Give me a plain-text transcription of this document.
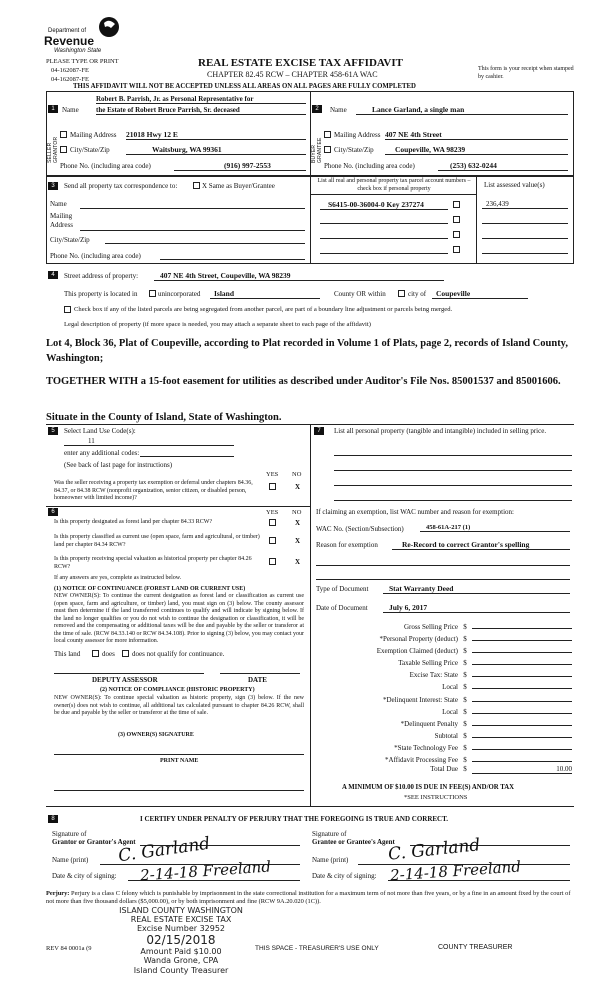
Department of
Revenue
Washington State
PLEASE TYPE OR PRINT
04-162087-FE
04-162087-FE
REAL ESTATE EXCISE TAX AFFIDAVIT
CHAPTER 82.45 RCW – CHAPTER 458-61A WAC
This form is your receipt when stamped by cashier.
THIS AFFIDAVIT WILL NOT BE ACCEPTED UNLESS ALL AREAS ON ALL PAGES ARE FULLY COMPLETED
1
SELLER GRANTOR
Name
Robert B. Parrish, Jr. as Personal Representative for
the Estate of Robert Bruce Parrish, Sr. deceased
Mailing Address 21018 Hwy 12 E
City/State/Zip	Waitsburg, WA 99361
Phone No. (including area code)	(916) 997-2553
2
BUYER GRANTEE
Name	Lance Garland, a single man
Mailing Address 407 NE 4th Street
City/State/Zip	Coupeville, WA 98239
Phone No. (including area code)	(253) 632-0244
3	Send all property tax correspondence to:	X Same as Buyer/Grantee
Name
Mailing Address
City/State/Zip
Phone No. (including area code)
List all real and personal property tax parcel account numbers – check box if personal property	List assessed value(s)
S6415-00-36004-0 Key 237274	236,439
4	Street address of property:	407 NE 4th Street, Coupeville, WA 98239
This property is located in	unincorporated	Island	County OR within	city of	Coupeville
Check box if any of the listed parcels are being segregated from another parcel, are part of a boundary line adjustment or parcels being merged.
Legal description of property (if more space is needed, you may attach a separate sheet to each page of the affidavit)
Lot 4, Block 36, Plat of Coupeville, according to Plat recorded in Volume 1 of Plats, page 2, records of Island County, Washington;
TOGETHER WITH a 15-foot easement for utilities as described under Auditor's File Nos. 85001537 and 85001606.
Situate in the County of Island, State of Washington.
5	Select Land Use Code(s):
11
enter any additional codes:
(See back of last page for instructions)
YES NO
Was the seller receiving a property tax exemption or deferral under chapters 84.36, 84.37, or 84.38 RCW (nonprofit organization, senior citizen, or disabled person, homeowner with limited income)?
X
6	YES NO
Is this property designated as forest land per chapter 84.33 RCW?	X
Is this property classified as current use (open space, farm and agricultural, or timber) land per chapter 84.34 RCW?	X
Is this property receiving special valuation as historical property per chapter 84.26 RCW?
X
If any answers are yes, complete as instructed below.
(1) NOTICE OF CONTINUANCE (FOREST LAND OR CURRENT USE)
NEW OWNER(S): To continue the current designation as forest land or classification as current use (open space, farm and agriculture, or timber) land, you must sign on (3) below. The county assessor must then determine if the land transferred continues to qualify and will indicate by signing below. If the land no longer qualifies or you do not wish to continue the designation or classification, it will be removed and the compensating or additional taxes will be due and payable by the seller or transferor at the time of sale. (RCW 84.33.140 or RCW 84.34.108). Prior to signing (3) below, you may contact your local county assessor for more information.
This land	does does not qualify for continuance.
DEPUTY ASSESSOR	DATE
(2) NOTICE OF COMPLIANCE (HISTORIC PROPERTY)
NEW OWNER(S): To continue special valuation as historic property, sign (3) below. If the new owner(s) does not wish to continue, all additional tax calculated pursuant to chapter 84.26 RCW, shall be due and payable by the seller or transferor at the time of sale.
(3) OWNER(S) SIGNATURE
PRINT NAME
7	List all personal property (tangible and intangible) included in selling price.
If claiming an exemption, list WAC number and reason for exemption:
WAC No. (Section/Subsection)	458-61A-217 (1)
Reason for exemption	Re-Record to correct Grantor's spelling
Type of Document	Stat Warranty Deed
Date of Document	July 6, 2017
Gross Selling Price $
*Personal Property (deduct) $
Exemption Claimed (deduct) $
Taxable Selling Price $
Excise Tax: State $
Local $
*Delinquent Interest: State $
Local $
*Delinquent Penalty $
Subtotal $
*State Technology Fee $
*Affidavit Processing Fee $
Total Due $	10.00
A MINIMUM OF $10.00 IS DUE IN FEE(S) AND/OR TAX
*SEE INSTRUCTIONS
8	I CERTIFY UNDER PENALTY OF PERJURY THAT THE FOREGOING IS TRUE AND CORRECT.
Signature of
Grantor or Grantor's Agent
Name (print)
Date & city of signing:
C. Garland
2-14-18 Freeland
Signature of
Grantee or Grantee's Agent
Name (print)
Date & city of signing:
C. Garland
2-14-18 Freeland
Perjury: Perjury is a class C felony which is punishable by imprisonment in the state correctional institution for a maximum term of not more than five years, or by a fine in an amount fixed by the court of not more than five thousand dollars ($5,000.00), or by both imprisonment and fine (RCW 9A.20.020 (1C)).
REV 84 0001a (9	THIS SPACE - TREASURER'S USE ONLY	COUNTY TREASURER
ISLAND COUNTY WASHINGTON
REAL ESTATE EXCISE TAX
Excise Number 32952
02/15/2018
Amount Paid $10.00
Wanda Grone, CPA
Island County Treasurer
